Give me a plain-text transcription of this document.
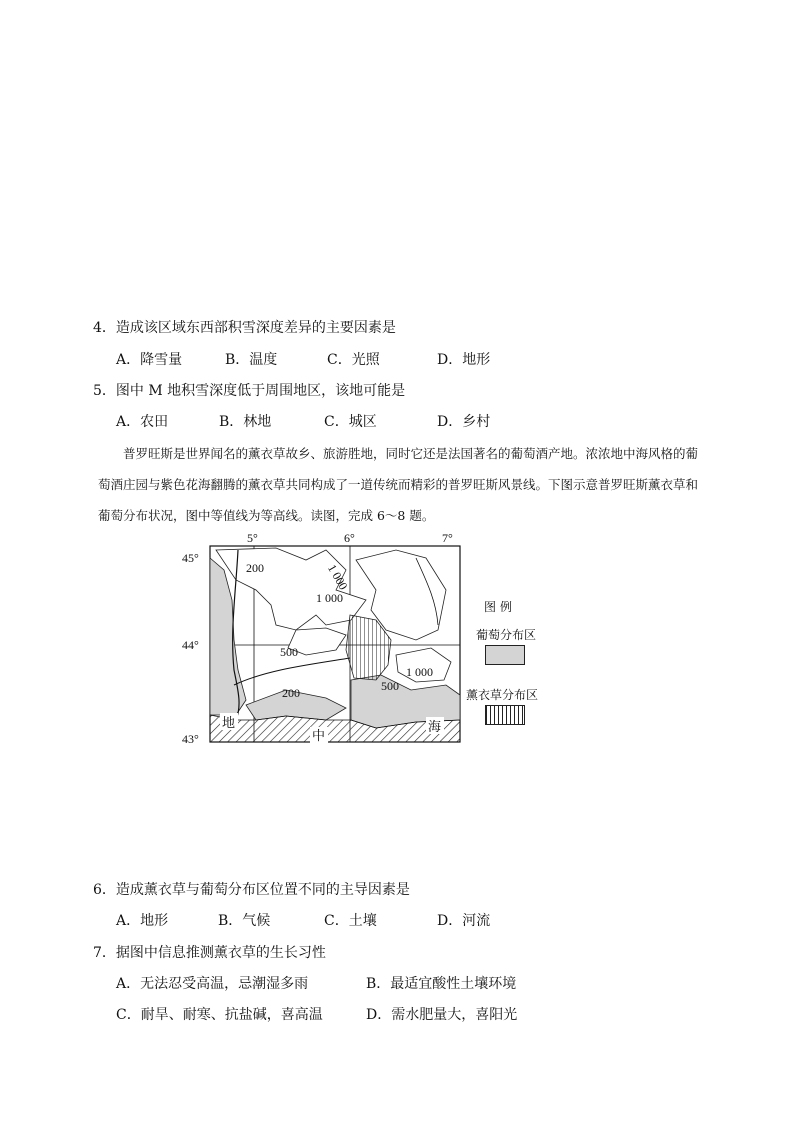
4．造成该区域东西部积雪深度差异的主要因素是
A．降雪量	B．温度	C．光照	D．地形
5．图中 M 地积雪深度低于周围地区，该地可能是
A．农田	B．林地	C．城区	D．乡村
普罗旺斯是世界闻名的薰衣草故乡、旅游胜地，同时它还是法国著名的葡萄酒产地。浓浓地中海风格的葡萄酒庄园与紫色花海翻腾的薰衣草共同构成了一道传统而精彩的普罗旺斯风景线。下图示意普罗旺斯薰衣草和葡萄分布状况，图中等值线为等高线。读图，完成 6～8 题。
5°	6°	7°
45°
44°
43°
200	1 000
1 000
500
200
1 000
500
地
中
海
图例
葡萄分布区
薰衣草分布区
6．造成薰衣草与葡萄分布区位置不同的主导因素是
A．地形	B．气候	C．土壤	D．河流
7．据图中信息推测薰衣草的生长习性
A．无法忍受高温，忌潮湿多雨	B．最适宜酸性土壤环境
C．耐旱、耐寒、抗盐碱，喜高温	D．需水肥量大，喜阳光
